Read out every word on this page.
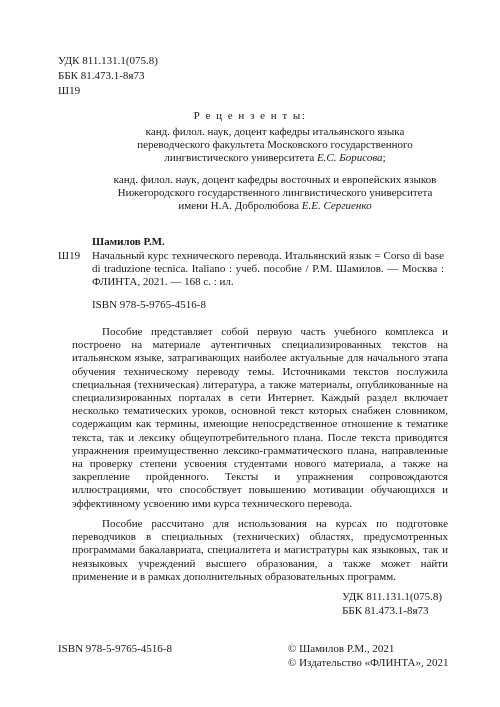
УДК 811.131.1(075.8)
ББК 81.473.1-8я73
Ш19
Р е ц е н з е н т ы:
канд. филол. наук, доцент кафедры итальянского языка переводческого факультета Московского государственного лингвистического университета Е.С. Борисова;
канд. филол. наук, доцент кафедры восточных и европейских языков Нижегородского государственного лингвистического университета имени Н.А. Добролюбова Е.Е. Сергиенко
Шамилов Р.М.
Ш19 Начальный курс технического перевода. Итальянский язык = Corso di base di traduzione tecnica. Italiano : учеб. пособие / Р.М. Шамилов. — Москва : ФЛИНТА, 2021. — 168 с. : ил.
ISBN 978-5-9765-4516-8

Пособие представляет собой первую часть учебного комплекса и построено на материале аутентичных специализированных текстов на итальянском языке, затрагивающих наиболее актуальные для начального этапа обучения техническому переводу темы. Источниками текстов послужила специальная (техническая) литература, а также материалы, опубликованные на специализированных порталах в сети Интернет. Каждый раздел включает несколько тематических уроков, основной текст которых снабжен словником, содержащим как термины, имеющие непосредственное отношение к тематике текста, так и лексику общеупотребительного плана. После текста приводятся упражнения преимущественно лексико-грамматического плана, направленные на проверку степени усвоения студентами нового материала, а также на закрепление пройденного. Тексты и упражнения сопровождаются иллюстрациями, что способствует повышению мотивации обучающихся и эффективному усвоению ими курса технического перевода.

Пособие рассчитано для использования на курсах по подготовке переводчиков в специальных (технических) областях, предусмотренных программами бакалавриата, специалитета и магистратуры как языковых, так и неязыковых учреждений высшего образования, а также может найти применение и в рамках дополнительных образовательных программ.

УДК 811.131.1(075.8)
ББК 81.473.1-8я73
ISBN 978-5-9765-4516-8	© Шамилов Р.М., 2021
© Издательство «ФЛИНТА», 2021
